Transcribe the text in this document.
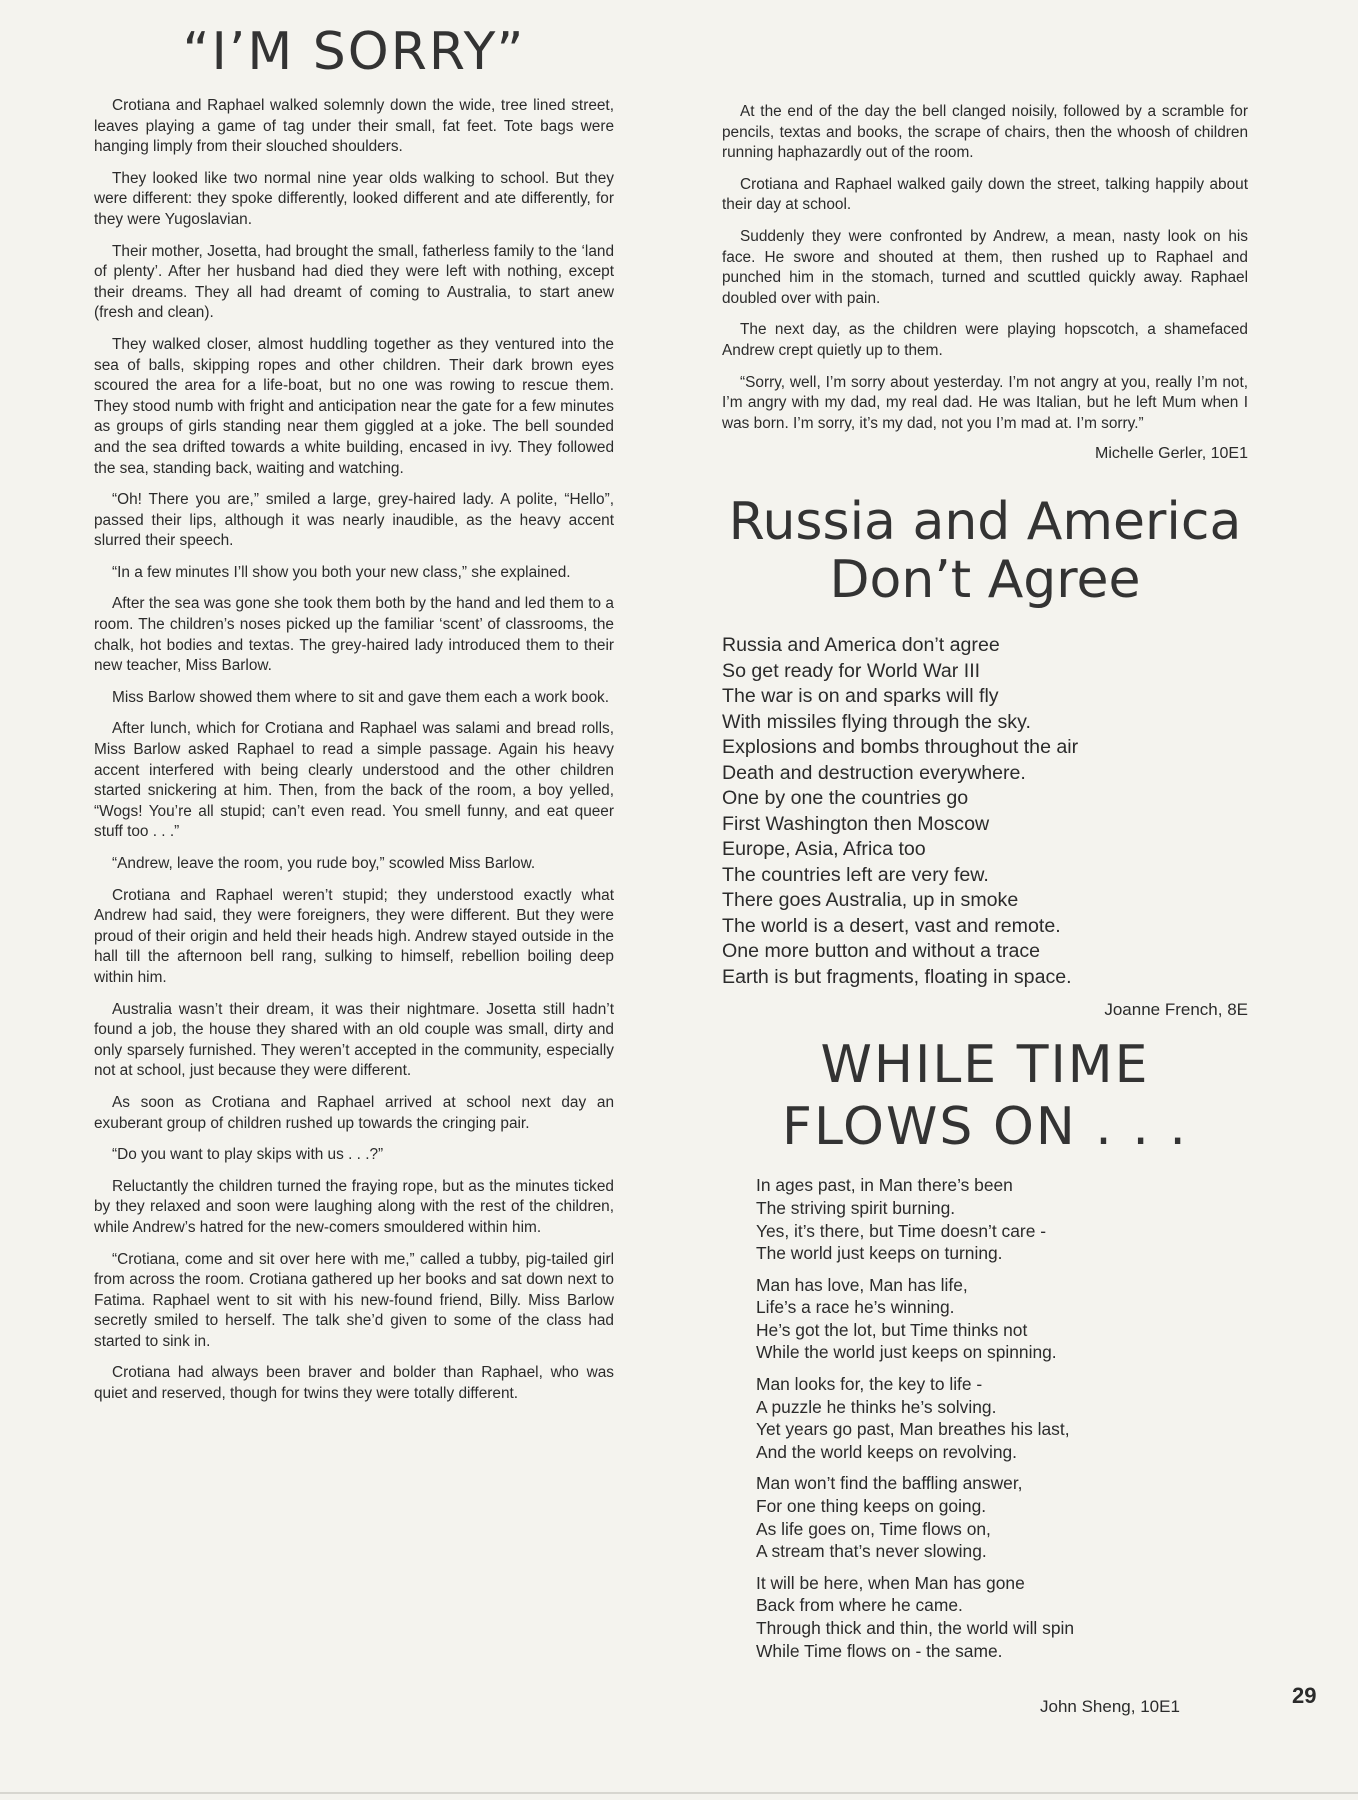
“I’M SORRY”

Crotiana and Raphael walked solemnly down the wide, tree lined street, leaves playing a game of tag under their small, fat feet. Tote bags were hanging limply from their slouched shoulders.

They looked like two normal nine year olds walking to school. But they were different: they spoke differently, looked different and ate differently, for they were Yugoslavian.

Their mother, Josetta, had brought the small, fatherless family to the ‘land of plenty’. After her husband had died they were left with nothing, except their dreams. They all had dreamt of coming to Australia, to start anew (fresh and clean).

They walked closer, almost huddling together as they ventured into the sea of balls, skipping ropes and other children. Their dark brown eyes scoured the area for a life-boat, but no one was rowing to rescue them. They stood numb with fright and anticipation near the gate for a few minutes as groups of girls standing near them giggled at a joke. The bell sounded and the sea drifted towards a white building, encased in ivy. They followed the sea, standing back, waiting and watching.

“Oh! There you are,” smiled a large, grey-haired lady. A polite, “Hello”, passed their lips, although it was nearly inaudible, as the heavy accent slurred their speech.

“In a few minutes I’ll show you both your new class,” she explained.

After the sea was gone she took them both by the hand and led them to a room. The children’s noses picked up the familiar ‘scent’ of classrooms, the chalk, hot bodies and textas. The grey-haired lady introduced them to their new teacher, Miss Barlow.

Miss Barlow showed them where to sit and gave them each a work book.

After lunch, which for Crotiana and Raphael was salami and bread rolls, Miss Barlow asked Raphael to read a simple passage. Again his heavy accent interfered with being clearly understood and the other children started snickering at him. Then, from the back of the room, a boy yelled, “Wogs! You’re all stupid; can’t even read. You smell funny, and eat queer stuff too . . .”

“Andrew, leave the room, you rude boy,” scowled Miss Barlow.

Crotiana and Raphael weren’t stupid; they understood exactly what Andrew had said, they were foreigners, they were different. But they were proud of their origin and held their heads high. Andrew stayed outside in the hall till the afternoon bell rang, sulking to himself, rebellion boiling deep within him.

Australia wasn’t their dream, it was their nightmare. Josetta still hadn’t found a job, the house they shared with an old couple was small, dirty and only sparsely furnished. They weren’t accepted in the community, especially not at school, just because they were different.

As soon as Crotiana and Raphael arrived at school next day an exuberant group of children rushed up towards the cringing pair.

“Do you want to play skips with us . . .?”

Reluctantly the children turned the fraying rope, but as the minutes ticked by they relaxed and soon were laughing along with the rest of the children, while Andrew’s hatred for the new-comers smouldered within him.

“Crotiana, come and sit over here with me,” called a tubby, pig-tailed girl from across the room. Crotiana gathered up her books and sat down next to Fatima. Raphael went to sit with his new-found friend, Billy. Miss Barlow secretly smiled to herself. The talk she’d given to some of the class had started to sink in.

Crotiana had always been braver and bolder than Raphael, who was quiet and reserved, though for twins they were totally different.

At the end of the day the bell clanged noisily, followed by a scramble for pencils, textas and books, the scrape of chairs, then the whoosh of children running haphazardly out of the room.

Crotiana and Raphael walked gaily down the street, talking happily about their day at school.

Suddenly they were confronted by Andrew, a mean, nasty look on his face. He swore and shouted at them, then rushed up to Raphael and punched him in the stomach, turned and scuttled quickly away. Raphael doubled over with pain.

The next day, as the children were playing hopscotch, a shamefaced Andrew crept quietly up to them.

“Sorry, well, I’m sorry about yesterday. I’m not angry at you, really I’m not, I’m angry with my dad, my real dad. He was Italian, but he left Mum when I was born. I’m sorry, it’s my dad, not you I’m mad at. I’m sorry.”

Michelle Gerler, 10E1

Russia and America
Don’t Agree
Russia and America don’t agree
So get ready for World War III
The war is on and sparks will fly
With missiles flying through the sky.
Explosions and bombs throughout the air
Death and destruction everywhere.
One by one the countries go
First Washington then Moscow
Europe, Asia, Africa too
The countries left are very few.
There goes Australia, up in smoke
The world is a desert, vast and remote.
One more button and without a trace
Earth is but fragments, floating in space.

Joanne French, 8E

WHILE TIME
FLOWS ON . . .
In ages past, in Man there’s been
The striving spirit burning.
Yes, it’s there, but Time doesn’t care -
The world just keeps on turning.
Man has love, Man has life,
Life’s a race he’s winning.
He’s got the lot, but Time thinks not
While the world just keeps on spinning.
Man looks for, the key to life -
A puzzle he thinks he’s solving.
Yet years go past, Man breathes his last,
And the world keeps on revolving.
Man won’t find the baffling answer,
For one thing keeps on going.
As life goes on, Time flows on,
A stream that’s never slowing.
It will be here, when Man has gone
Back from where he came.
Through thick and thin, the world will spin
While Time flows on - the same.

John Sheng, 10E1	29
